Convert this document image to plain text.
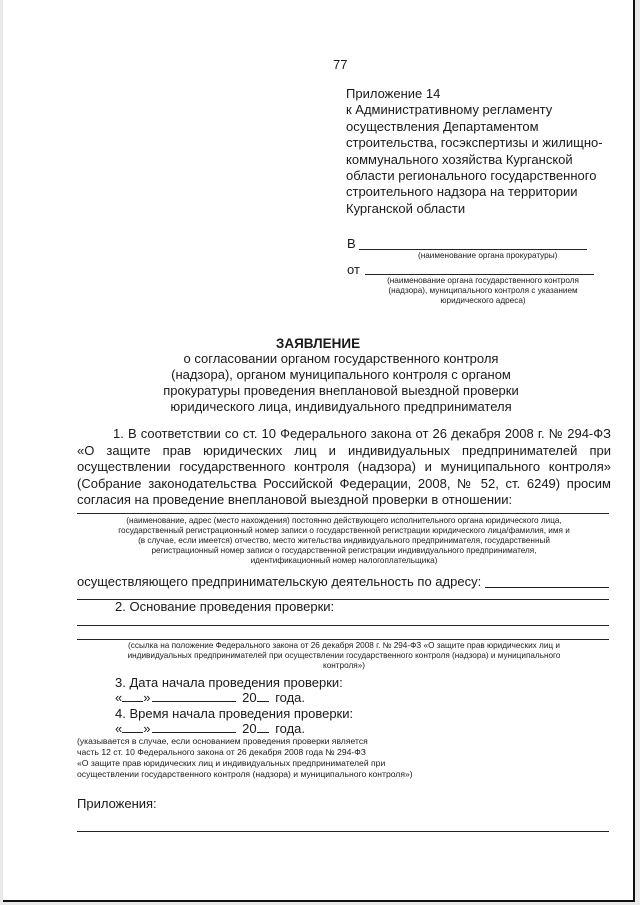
77
Приложение 14
к Административному регламенту
осуществления Департаментом
строительства, госэкспертизы и жилищно-
коммунального хозяйства Курганской
области регионального государственного
строительного надзора на территории
Курганской области
В
(наименование органа прокуратуры)
от
(наименование органа государственного контроля
(надзора), муниципального контроля с указанием
юридического адреса)
ЗАЯВЛЕНИЕ
о согласовании органом государственного контроля
(надзора), органом муниципального контроля с органом
прокуратуры проведения внеплановой выездной проверки
юридического лица, индивидуального предпринимателя
1. В соответствии со ст. 10 Федерального закона от 26 декабря 2008 г. № 294-ФЗ
«О защите прав юридических лиц и индивидуальных предпринимателей при
осуществлении государственного контроля (надзора) и муниципального контроля»
(Собрание законодательства Российской Федерации, 2008, № 52, ст. 6249) просим
согласия на проведение внеплановой выездной проверки в отношении:
(наименование, адрес (место нахождения) постоянно действующего исполнительного органа юридического лица,
государственный регистрационный номер записи о государственной регистрации юридического лица/фамилия, имя и
(в случае, если имеется) отчество, место жительства индивидуального предпринимателя, государственный
регистрационный номер записи о государственной регистрации индивидуального предпринимателя,
идентификационный номер налогоплательщика)
осуществляющего предпринимательскую деятельность по адресу:
2. Основание проведения проверки:
(ссылка на положение Федерального закона от 26 декабря 2008 г. № 294-ФЗ «О защите прав юридических лиц и
индивидуальных предпринимателей при осуществлении государственного контроля (надзора) и муниципального
контроля»)
3. Дата начала проведения проверки:
« »	20 года.
4. Время начала проведения проверки:
« »	20 года.
(указывается в случае, если основанием проведения проверки является
часть 12 ст. 10 Федерального закона от 26 декабря 2008 года № 294-ФЗ
«О защите прав юридических лиц и индивидуальных предпринимателей при
осуществлении государственного контроля (надзора) и муниципального контроля»)
Приложения:
